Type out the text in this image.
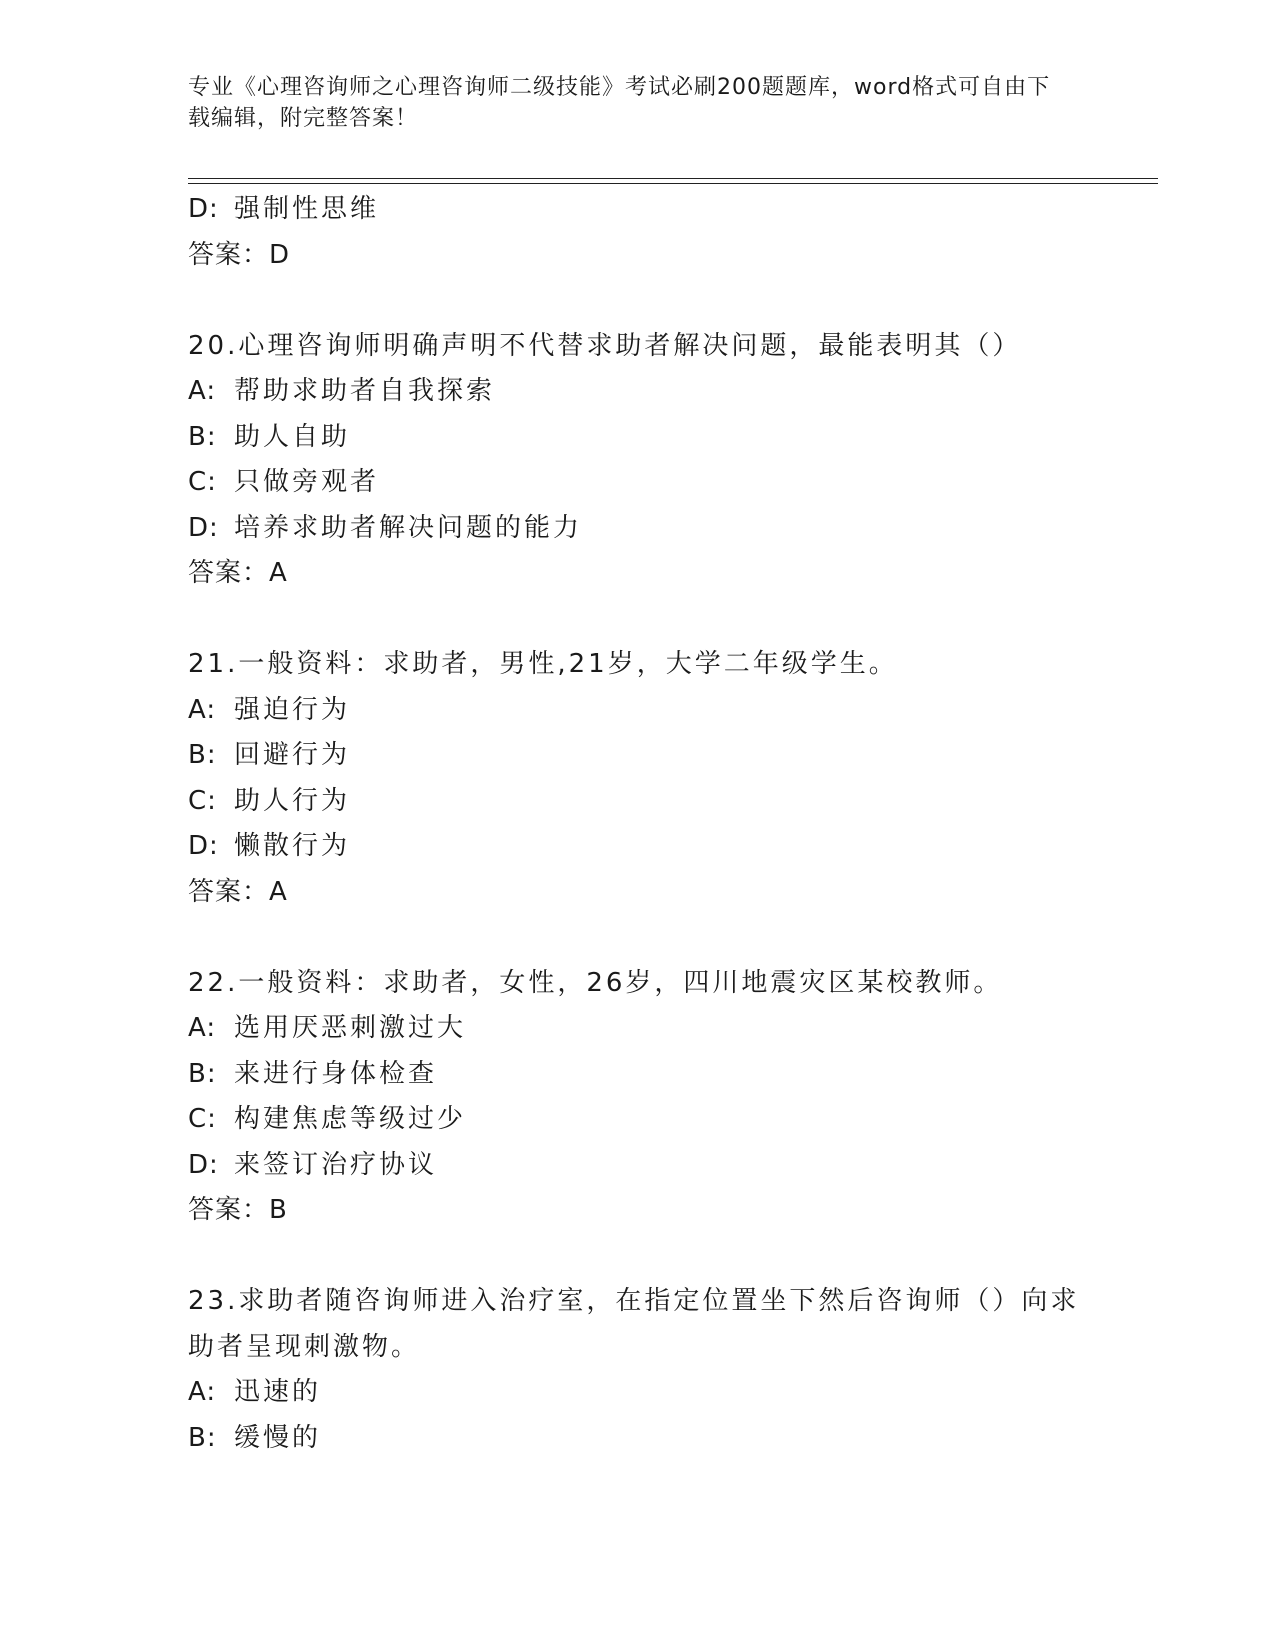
专业《心理咨询师之心理咨询师二级技能》考试必刷200题题库，word格式可自由下载编辑，附完整答案！
D: 强制性思维
答案：D
20.心理咨询师明确声明不代替求助者解决问题，最能表明其（）
A: 帮助求助者自我探索
B: 助人自助
C: 只做旁观者
D: 培养求助者解决问题的能力
答案：A
21.一般资料：求助者，男性,21岁，大学二年级学生。
A: 强迫行为
B: 回避行为
C: 助人行为
D: 懒散行为
答案：A
22.一般资料：求助者，女性，26岁，四川地震灾区某校教师。
A: 选用厌恶刺激过大
B: 来进行身体检查
C: 构建焦虑等级过少
D: 来签订治疗协议
答案：B
23.求助者随咨询师进入治疗室，在指定位置坐下然后咨询师（）向求助者呈现刺激物。
A: 迅速的
B: 缓慢的
